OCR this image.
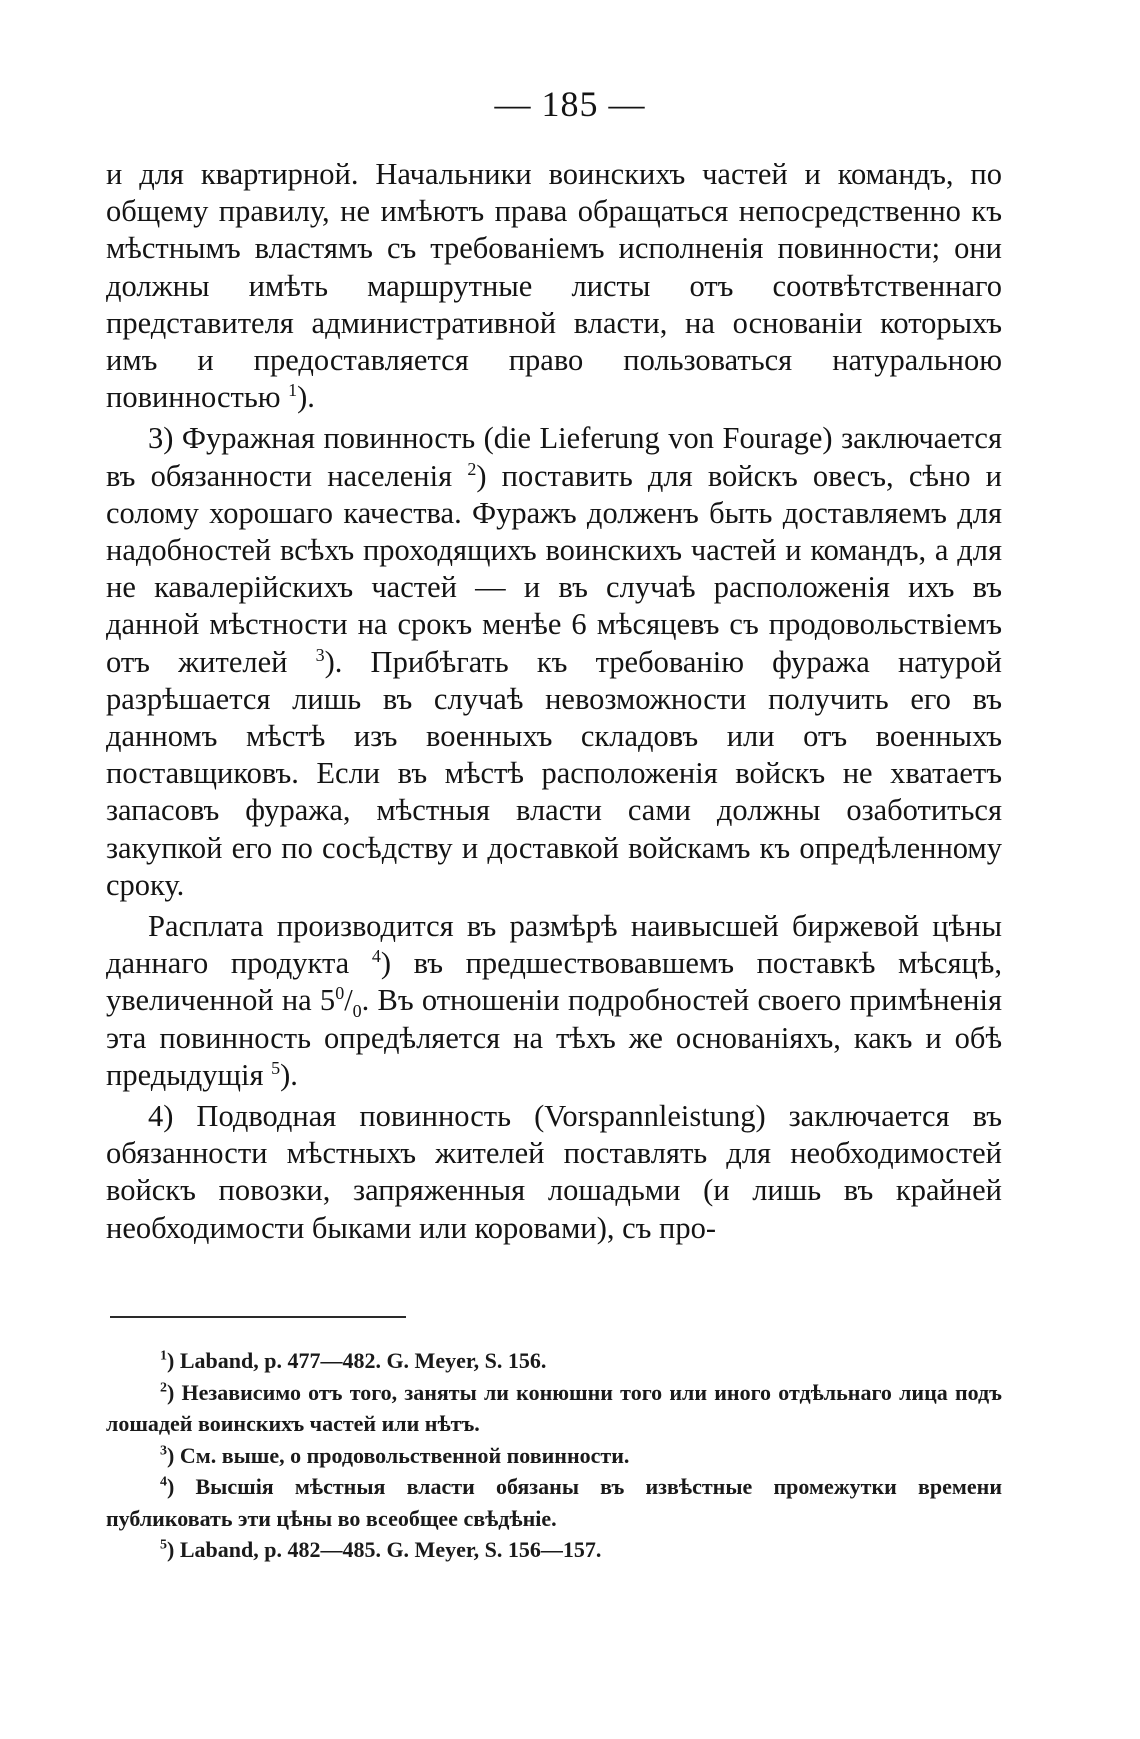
— 185 —

и для квартирной. Начальники воинскихъ частей и командъ, по общему правилу, не имѣютъ права обращаться непосредственно къ мѣстнымъ властямъ съ требованіемъ исполненія повинности; они должны имѣть маршрутные листы отъ соотвѣтственнаго представителя административной власти, на основаніи которыхъ имъ и предоставляется право пользоваться натуральною повинностью $^1$).

3) Фуражная повинность (die Lieferung von Fourage) заключается въ обязанности населенія $^2$) поставить для войскъ овесъ, сѣно и солому хорошаго качества. Фуражъ долженъ быть доставляемъ для надобностей всѣхъ проходящихъ воинскихъ частей и командъ, а для не кавалерійскихъ частей — и въ случаѣ расположенія ихъ въ данной мѣстности на срокъ менѣе 6 мѣсяцевъ съ продовольствіемъ отъ жителей $^3$). Прибѣгать къ требованію фуража натурой разрѣшается лишь въ случаѣ невозможности получить его въ данномъ мѣстѣ изъ военныхъ складовъ или отъ военныхъ поставщиковъ. Если въ мѣстѣ расположенія войскъ не хватаетъ запасовъ фуража, мѣстныя власти сами должны озаботиться закупкой его по сосѣдству и доставкой войскамъ къ опредѣленному сроку.

Расплата производится въ размѣрѣ наивысшей биржевой цѣны даннаго продукта $^4$) въ предшествовавшемъ поставкѣ мѣсяцѣ, увеличенной на $5^0/_0$. Въ отношеніи подробностей своего примѣненія эта повинность опредѣляется на тѣхъ же основаніяхъ, какъ и обѣ предыдущія $^5$).

4) Подводная повинность (Vorspannleistung) заключается въ обязанности мѣстныхъ жителей поставлять для необходимостей войскъ повозки, запряженныя лошадьми (и лишь въ крайней необходимости быками или коровами), съ про-

$^1$) Laband, p. 477—482. G. Meyer, S. 156.

$^2$) Независимо отъ того, заняты ли конюшни того или иного отдѣльнаго лица подъ лошадей воинскихъ частей или нѣтъ.

$^3$) См. выше, о продовольственной повинности.

$^4$) Высшія мѣстныя власти обязаны въ извѣстные промежутки времени публиковать эти цѣны во всеобщее свѣдѣніе.

$^5$) Laband, p. 482—485. G. Meyer, S. 156—157.
